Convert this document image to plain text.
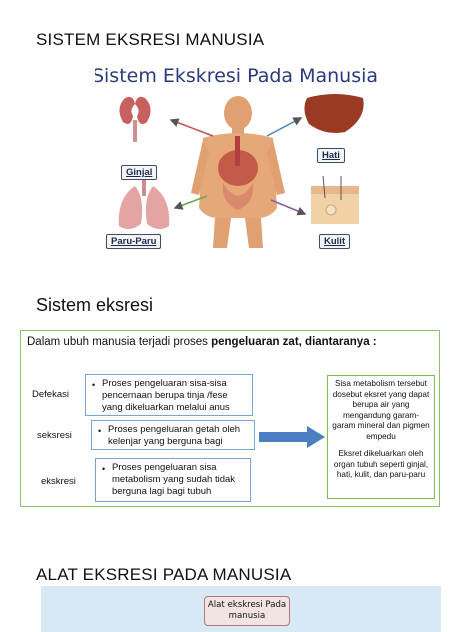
SISTEM EKSRESI MANUSIA
Sistem Ekskresi Pada Manusia
Ginjal
Hati
Paru-Paru	Kulit
Sistem eksresi
Dalam ubuh manusia terjadi proses pengeluaran zat, diantaranya :
Defekasi
• Proses pengeluaran sisa-sisa pencernaan berupa tinja /fese yang dikeluarkan melalui anus
seksresi	• Proses pengeluaran getah oleh kelenjar yang berguna bagi
ekskresi
• Proses pengeluaran sisa metabolism yang sudah tidak berguna lagi bagi tubuh
Sisa metabolism tersebut dosebut eksret yang dapat berupa air yang mengandung garam-garam mineral dan pigmen empedu
Eksret dikeluarkan oleh organ tubuh seperti ginjal, hati, kulit, dan paru-paru
ALAT EKSRESI PADA MANUSIA
Alat ekskresi Pada manusia
